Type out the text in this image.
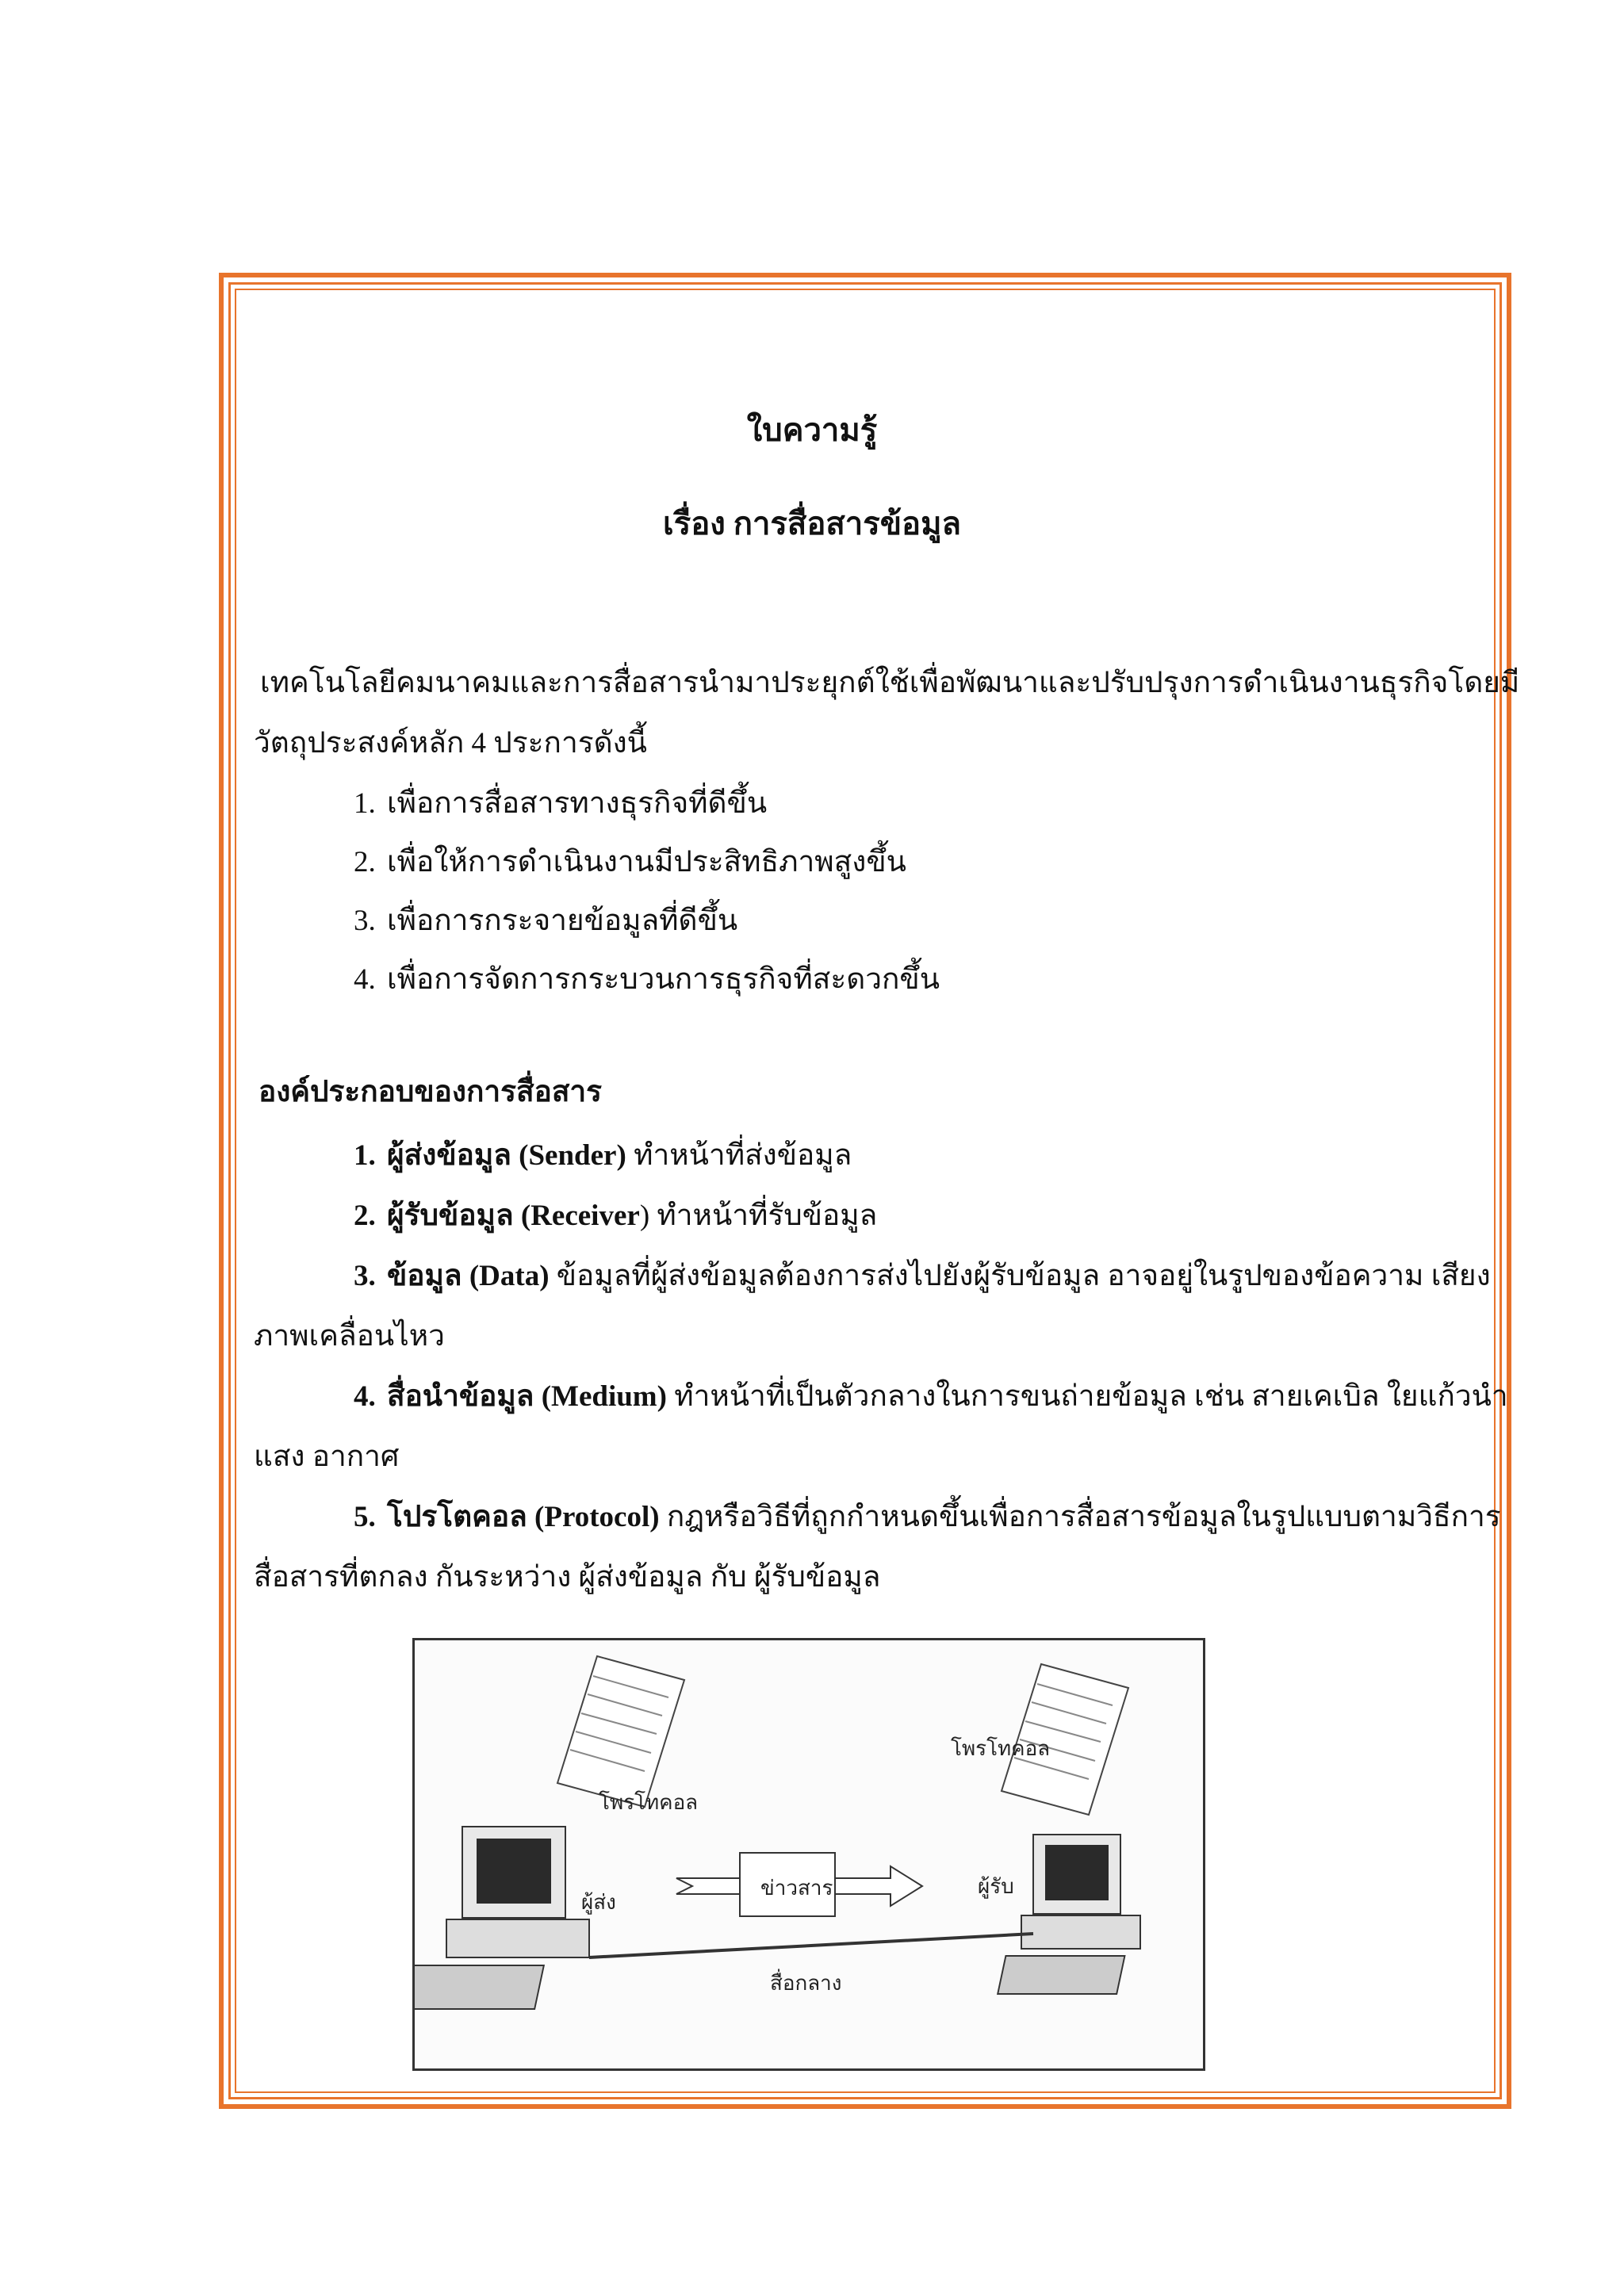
ใบความรู้
เรื่อง การสื่อสารข้อมูล
เทคโนโลยีคมนาคมและการสื่อสารนำมาประยุกต์ใช้เพื่อพัฒนาและปรับปรุงการดำเนินงานธุรกิจโดยมี
วัตถุประสงค์หลัก 4 ประการดังนี้
1. เพื่อการสื่อสารทางธุรกิจที่ดีขึ้น
2. เพื่อให้การดำเนินงานมีประสิทธิภาพสูงขึ้น
3. เพื่อการกระจายข้อมูลที่ดีขึ้น
4. เพื่อการจัดการกระบวนการธุรกิจที่สะดวกขึ้น
องค์ประกอบของการสื่อสาร
1. ผู้ส่งข้อมูล (Sender) ทำหน้าที่ส่งข้อมูล
2. ผู้รับข้อมูล (Receiver) ทำหน้าที่รับข้อมูล
3. ข้อมูล (Data) ข้อมูลที่ผู้ส่งข้อมูลต้องการส่งไปยังผู้รับข้อมูล อาจอยู่ในรูปของข้อความ เสียง
ภาพเคลื่อนไหว
4. สื่อนำข้อมูล (Medium) ทำหน้าที่เป็นตัวกลางในการขนถ่ายข้อมูล เช่น สายเคเบิล ใยแก้วนำ
แสง อากาศ
5. โปรโตคอล (Protocol) กฎหรือวิธีที่ถูกกำหนดขึ้นเพื่อการสื่อสารข้อมูลในรูปแบบตามวิธีการ
สื่อสารที่ตกลง กันระหว่าง ผู้ส่งข้อมูล กับ ผู้รับข้อมูล
โพรโทคอล
โพรโทคอล
ผู้ส่ง
ผู้รับ
ข่าวสาร
สื่อกลาง
